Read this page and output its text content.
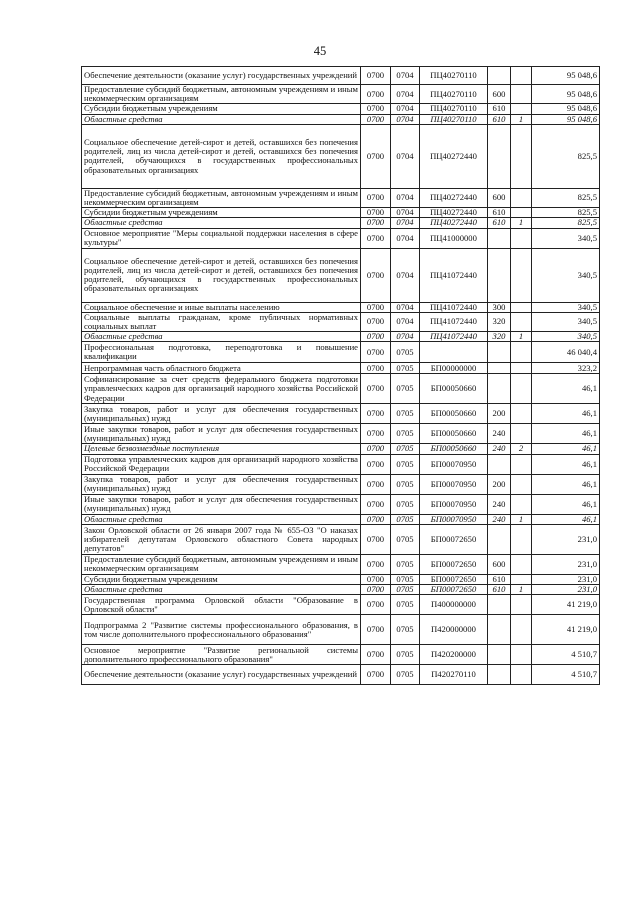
45
Обеспечение деятельности (оказание услуг) государственных учреждений	0700	0704	ПЦ40270110			95 048,6
Предоставление субсидий бюджетным, автономным учреждениям и иным некоммерческим организациям	0700	0704	ПЦ40270110	600		95 048,6
Субсидии бюджетным учреждениям	0700	0704	ПЦ40270110	610		95 048,6
Областные средства	0700	0704	ПЦ40270110	610	1	95 048,6
Социальное обеспечение детей-сирот и детей, оставшихся без попечения родителей, лиц из числа детей-сирот и детей, оставшихся без попечения родителей, обучающихся в государственных профессиональных образовательных организациях	0700	0704	ПЦ40272440			825,5
Предоставление субсидий бюджетным, автономным учреждениям и иным некоммерческим организациям	0700	0704	ПЦ40272440	600		825,5
Субсидии бюджетным учреждениям	0700	0704	ПЦ40272440	610		825,5
Областные средства	0700	0704	ПЦ40272440	610	1	825,5
Основное мероприятие "Меры социальной поддержки населения в сфере культуры"	0700	0704	ПЦ41000000			340,5
Социальное обеспечение детей-сирот и детей, оставшихся без попечения родителей, лиц из числа детей-сирот и детей, оставшихся без попечения родителей, обучающихся в государственных профессиональных образовательных организациях	0700	0704	ПЦ41072440			340,5
Социальное обеспечение и иные выплаты населению	0700	0704	ПЦ41072440	300		340,5
Социальные выплаты гражданам, кроме публичных нормативных социальных выплат	0700	0704	ПЦ41072440	320		340,5
Областные средства	0700	0704	ПЦ41072440	320	1	340,5
Профессиональная подготовка, переподготовка и повышение квалификации	0700	0705				46 040,4
Непрограммная часть областного бюджета	0700	0705	БП00000000			323,2
Софинансирование за счет средств федерального бюджета подготовки управленческих кадров для организаций народного хозяйства Российской Федерации	0700	0705	БП00050660			46,1
Закупка товаров, работ и услуг для обеспечения государственных (муниципальных) нужд	0700	0705	БП00050660	200		46,1
Иные закупки товаров, работ и услуг для обеспечения государственных (муниципальных) нужд	0700	0705	БП00050660	240		46,1
Целевые безвозмездные поступления	0700	0705	БП00050660	240	2	46,1
Подготовка управленческих кадров для организаций народного хозяйства Российской Федерации	0700	0705	БП00070950			46,1
Закупка товаров, работ и услуг для обеспечения государственных (муниципальных) нужд	0700	0705	БП00070950	200		46,1
Иные закупки товаров, работ и услуг для обеспечения государственных (муниципальных) нужд	0700	0705	БП00070950	240		46,1
Областные средства	0700	0705	БП00070950	240	1	46,1
Закон Орловской области от 26 января 2007 года № 655-ОЗ "О наказах избирателей депутатам Орловского областного Совета народных депутатов"	0700	0705	БП00072650			231,0
Предоставление субсидий бюджетным, автономным учреждениям и иным некоммерческим организациям	0700	0705	БП00072650	600		231,0
Субсидии бюджетным учреждениям	0700	0705	БП00072650	610		231,0
Областные средства	0700	0705	БП00072650	610	1	231,0
Государственная программа Орловской области "Образование в Орловской области"	0700	0705	П400000000			41 219,0
Подпрограмма 2 "Развитие системы профессионального образования, в том числе дополнительного профессионального образования"	0700	0705	П420000000			41 219,0
Основное мероприятие "Развитие региональной системы дополнительного профессионального образования"	0700	0705	П420200000			4 510,7
Обеспечение деятельности (оказание услуг) государственных учреждений	0700	0705	П420270110			4 510,7
